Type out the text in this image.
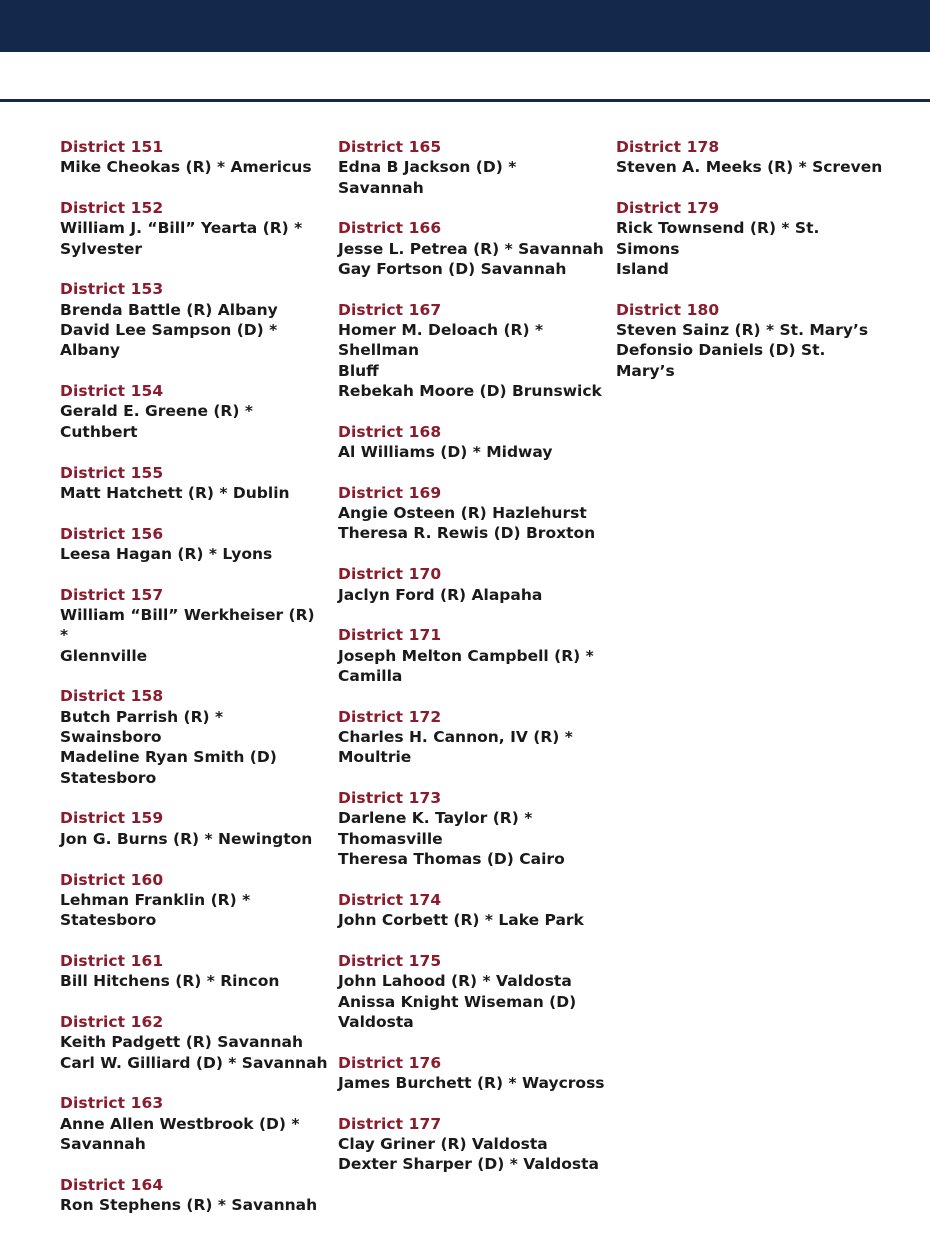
District 151
Mike Cheokas (R) * Americus
District 152
William J. “Bill” Yearta (R) *
Sylvester
District 153
Brenda Battle (R) Albany
David Lee Sampson (D) * Albany
District 154
Gerald E. Greene (R) * Cuthbert
District 155
Matt Hatchett (R) * Dublin
District 156
Leesa Hagan (R) * Lyons
District 157
William “Bill” Werkheiser (R) *
Glennville
District 158
Butch Parrish (R) * Swainsboro
Madeline Ryan Smith (D)
Statesboro
District 159
Jon G. Burns (R) * Newington
District 160
Lehman Franklin (R) * Statesboro
District 161
Bill Hitchens (R) * Rincon
District 162
Keith Padgett (R) Savannah
Carl W. Gilliard (D) * Savannah
District 163
Anne Allen Westbrook (D) *
Savannah
District 164
Ron Stephens (R) * Savannah
District 165
Edna B Jackson (D) * Savannah
District 166
Jesse L. Petrea (R) * Savannah
Gay Fortson (D) Savannah
District 167
Homer M. Deloach (R) * Shellman
Bluff
Rebekah Moore (D) Brunswick
District 168
Al Williams (D) * Midway
District 169
Angie Osteen (R) Hazlehurst
Theresa R. Rewis (D) Broxton
District 170
Jaclyn Ford (R) Alapaha
District 171
Joseph Melton Campbell (R) *
Camilla
District 172
Charles H. Cannon, IV (R) *
Moultrie
District 173
Darlene K. Taylor (R) *
Thomasville
Theresa Thomas (D) Cairo
District 174
John Corbett (R) * Lake Park
District 175
John Lahood (R) * Valdosta
Anissa Knight Wiseman (D)
Valdosta
District 176
James Burchett (R) * Waycross
District 177
Clay Griner (R) Valdosta
Dexter Sharper (D) * Valdosta
District 178
Steven A. Meeks (R) * Screven
District 179
Rick Townsend (R) * St. Simons
Island
District 180
Steven Sainz (R) * St. Mary’s
Defonsio Daniels (D) St. Mary’s
